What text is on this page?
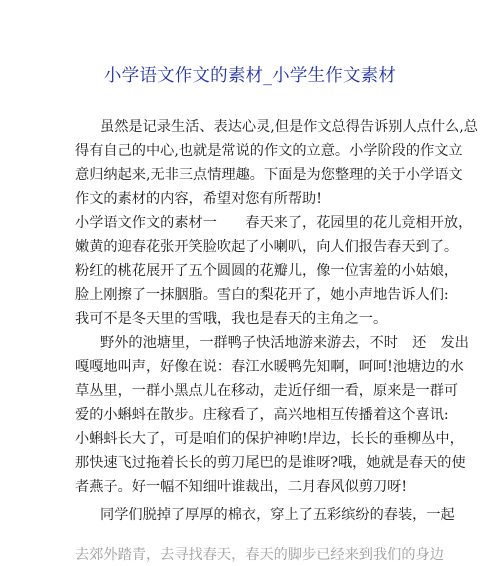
小学语文作文的素材_小学生作文素材
虽然是记录生活、表达心灵,但是作文总得告诉别人点什么,总
得有自己的中心,也就是常说的作文的立意。小学阶段的作文立
意归纳起来,无非三点情理趣。下面是为您整理的关于小学语文
作文的素材的内容，希望对您有所帮助!
小学语文作文的素材一　　春天来了，花园里的花儿竞相开放，
嫩黄的迎春花张开笑脸吹起了小喇叭，向人们报告春天到了。
粉红的桃花展开了五个圆圆的花瓣儿，像一位害羞的小姑娘，
脸上刚擦了一抹胭脂。雪白的梨花开了，她小声地告诉人们:
我可不是冬天里的雪哦，我也是春天的主角之一。
野外的池塘里，一群鸭子快活地游来游去，不时　还　发出
嘎嘎地叫声，好像在说：春江水暖鸭先知啊，呵呵!池塘边的水
草丛里，一群小黑点儿在移动，走近仔细一看，原来是一群可
爱的小蝌蚪在散步。庄稼看了，高兴地相互传播着这个喜讯:
小蝌蚪长大了，可是咱们的保护神哟!岸边，长长的垂柳丛中，
那快速飞过拖着长长的剪刀尾巴的是谁呀?哦，她就是春天的使
者燕子。好一幅不知细叶谁裁出，二月春风似剪刀呀!
同学们脱掉了厚厚的棉衣，穿上了五彩缤纷的春装，一起
去郊外踏青，去寻找春天，春天的脚步已经来到我们的身边
